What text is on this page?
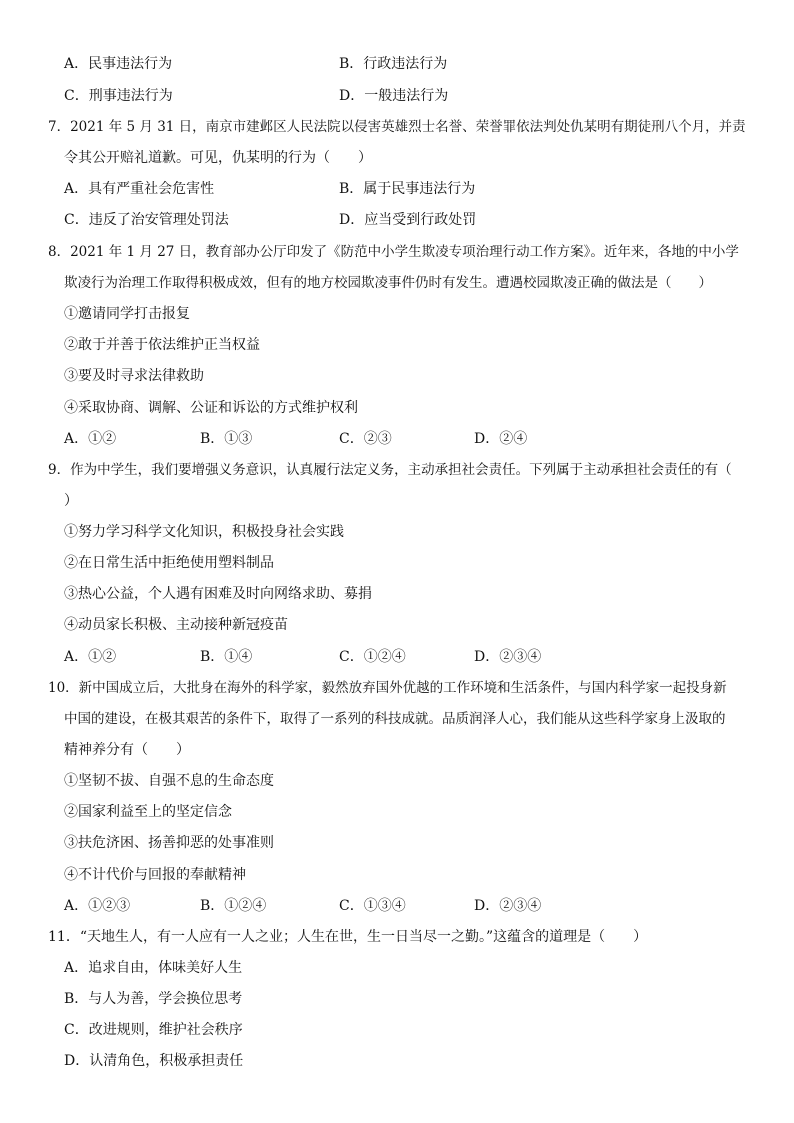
A．民事违法行为	B．行政违法行为
C．刑事违法行为	D．一般违法行为
7．2021 年 5 月 31 日，南京市建邺区人民法院以侵害英雄烈士名誉、荣誉罪依法判处仇某明有期徒刑八个月，并责
令其公开赔礼道歉。可见，仇某明的行为（　　）
A．具有严重社会危害性	B．属于民事违法行为
C．违反了治安管理处罚法	D．应当受到行政处罚
8．2021 年 1 月 27 日，教育部办公厅印发了《防范中小学生欺凌专项治理行动工作方案》。近年来，各地的中小学
欺凌行为治理工作取得积极成效，但有的地方校园欺凌事件仍时有发生。遭遇校园欺凌正确的做法是（　　）
①邀请同学打击报复
②敢于并善于依法维护正当权益
③要及时寻求法律救助
④采取协商、调解、公证和诉讼的方式维护权利
A．①②	B．①③	C．②③	D．②④
9．作为中学生，我们要增强义务意识，认真履行法定义务，主动承担社会责任。下列属于主动承担社会责任的有（
）
①努力学习科学文化知识，积极投身社会实践
②在日常生活中拒绝使用塑料制品
③热心公益，个人遇有困难及时向网络求助、募捐
④动员家长积极、主动接种新冠疫苗
A．①②	B．①④	C．①②④	D．②③④
10．新中国成立后，大批身在海外的科学家，毅然放弃国外优越的工作环境和生活条件，与国内科学家一起投身新
中国的建设，在极其艰苦的条件下，取得了一系列的科技成就。品质润泽人心，我们能从这些科学家身上汲取的
精神养分有（　　）
①坚韧不拔、自强不息的生命态度
②国家利益至上的坚定信念
③扶危济困、扬善抑恶的处事准则
④不计代价与回报的奉献精神
A．①②③	B．①②④	C．①③④	D．②③④
11．“天地生人，有一人应有一人之业；人生在世，生一日当尽一之勤。”这蕴含的道理是（　　）
A．追求自由，体味美好人生
B．与人为善，学会换位思考
C．改进规则，维护社会秩序
D．认清角色，积极承担责任
